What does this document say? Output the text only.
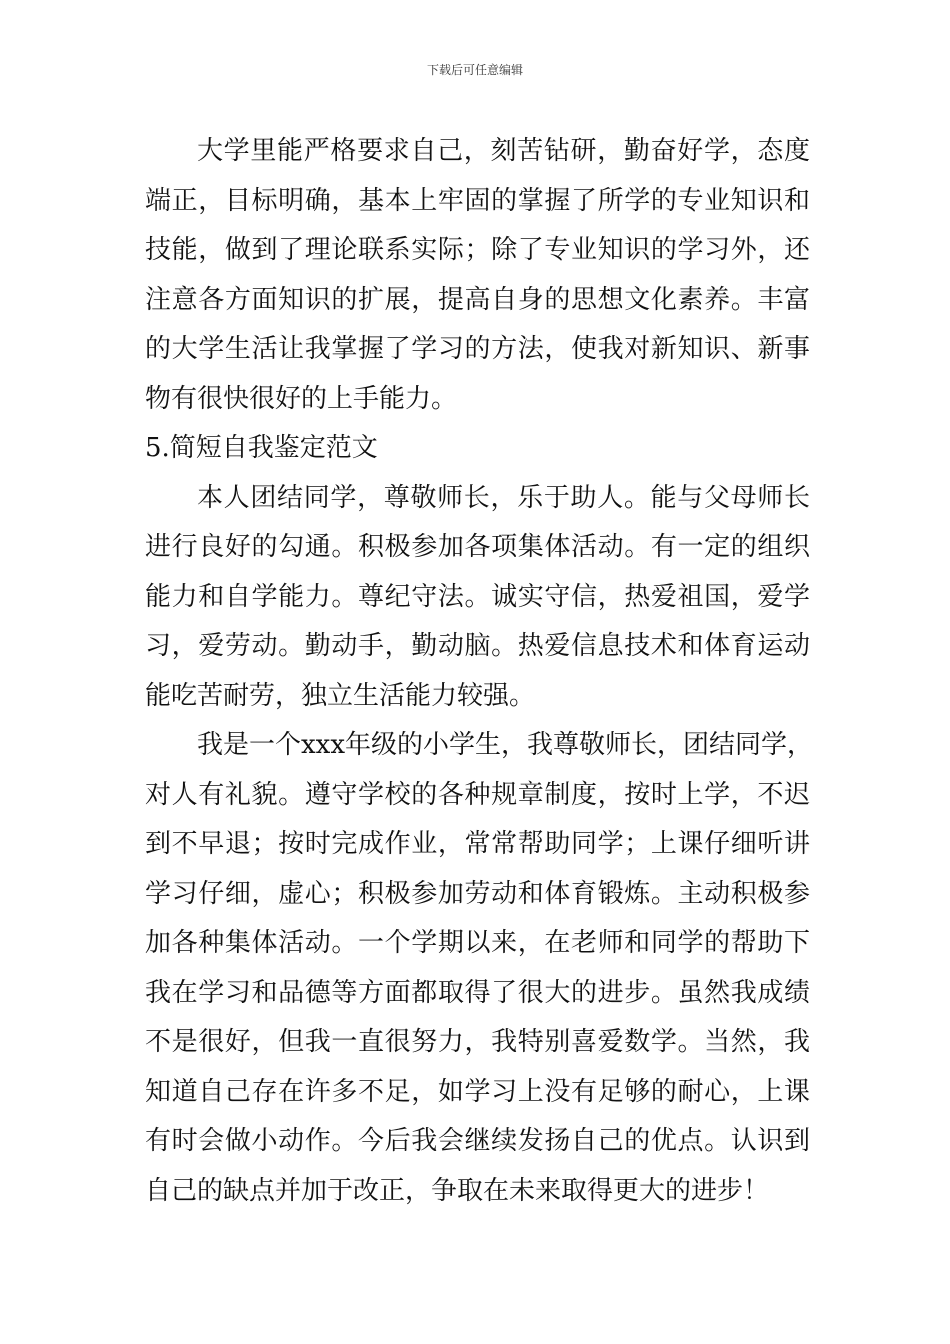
下载后可任意编辑
大学里能严格要求自己，刻苦钻研，勤奋好学，态度
端正，目标明确，基本上牢固的掌握了所学的专业知识和
技能，做到了理论联系实际；除了专业知识的学习外，还
注意各方面知识的扩展，提高自身的思想文化素养。丰富
的大学生活让我掌握了学习的方法，使我对新知识、新事
物有很快很好的上手能力。
5.简短自我鉴定范文
本人团结同学，尊敬师长，乐于助人。能与父母师长
进行良好的勾通。积极参加各项集体活动。有一定的组织
能力和自学能力。尊纪守法。诚实守信，热爱祖国，爱学
习，爱劳动。勤动手，勤动脑。热爱信息技术和体育运动
能吃苦耐劳，独立生活能力较强。
我是一个xxx年级的小学生，我尊敬师长，团结同学，
对人有礼貌。遵守学校的各种规章制度，按时上学，不迟
到不早退；按时完成作业，常常帮助同学；上课仔细听讲
学习仔细，虚心；积极参加劳动和体育锻炼。主动积极参
加各种集体活动。一个学期以来，在老师和同学的帮助下
我在学习和品德等方面都取得了很大的进步。虽然我成绩
不是很好，但我一直很努力，我特别喜爱数学。当然，我
知道自己存在许多不足，如学习上没有足够的耐心，上课
有时会做小动作。今后我会继续发扬自己的优点。认识到
自己的缺点并加于改正，争取在未来取得更大的进步！
